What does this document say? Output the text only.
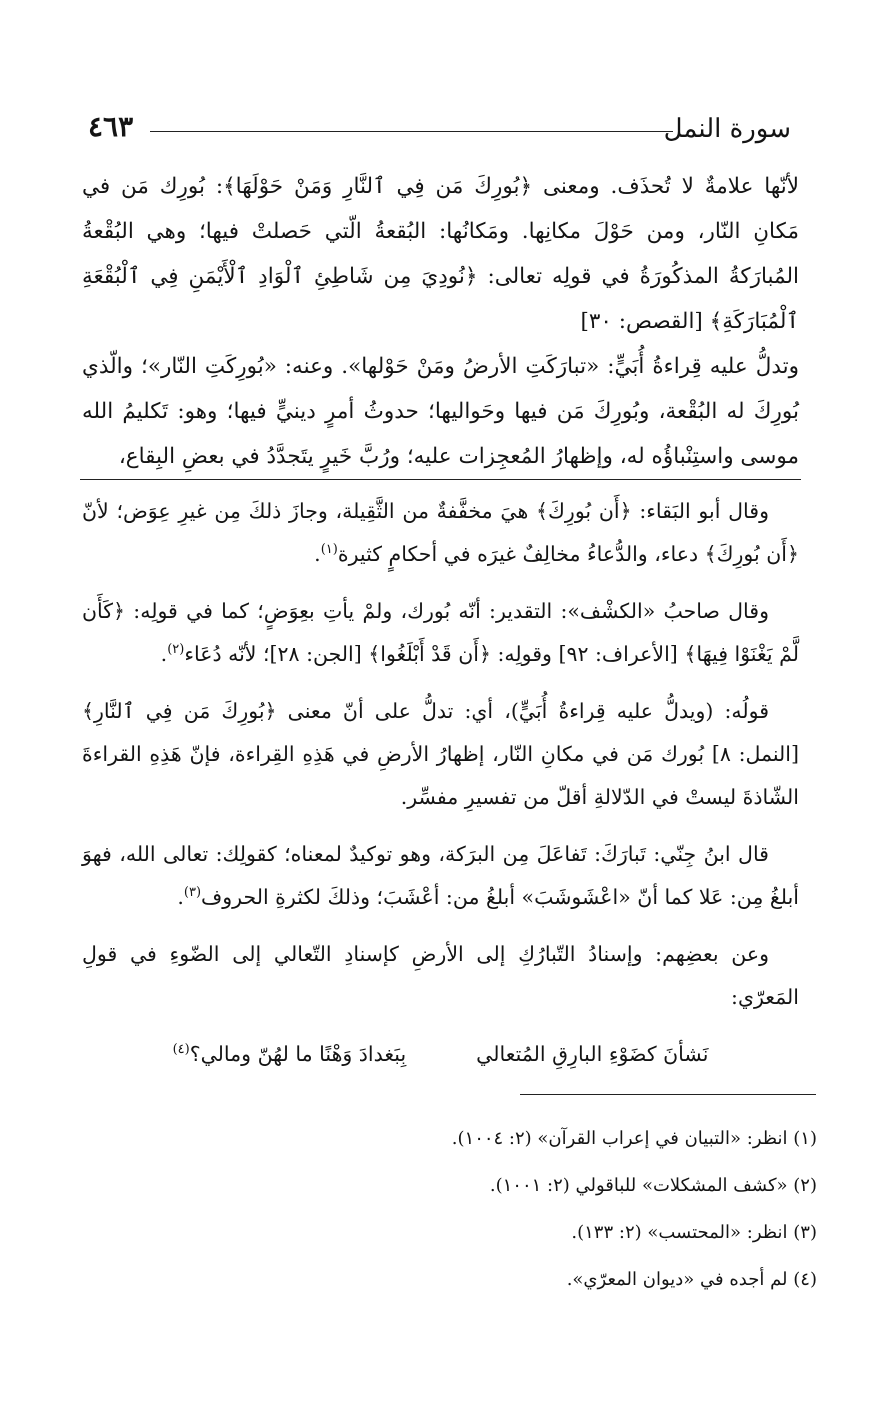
سورة النمل
٤٦٣

لأنّها علامةٌ لا تُحذَف. ومعنى ﴿بُورِكَ مَن فِي ٱلنَّارِ وَمَنْ حَوْلَهَا﴾: بُورِك مَن في مَكانِ النّار، ومن حَوْلَ مكانِها. ومَكانُها: البُقعةُ الّتي حَصلتْ فيها؛ وهي البُقْعةُ المُبارَكةُ المذكُورَةُ في قولِه تعالى: ﴿نُودِيَ مِن شَاطِئِ ٱلْوَادِ ٱلْأَيْمَنِ فِي ٱلْبُقْعَةِ ٱلْمُبَارَكَةِ﴾ [القصص: ٣٠]

وتدلُّ عليه قِراءةُ أُبَيٍّ: «تبارَكَتِ الأرضُ ومَنْ حَوْلها». وعنه: «بُورِكَتِ النّار»؛ والّذي بُورِكَ له البُقْعة، وبُورِكَ مَن فيها وحَواليها؛ حدوثُ أمرٍ دينيٍّ فيها؛ وهو: تَكليمُ الله موسى واستِنْباؤُه له، وإظهارُ المُعجِزات عليه؛ ورُبَّ خَيرٍ يتَجدَّدُ في بعضِ البِقاع،

وقال أبو البَقاء: ﴿أَن بُورِكَ﴾ هيَ مخفَّفةٌ من الثَّقِيلة، وجازَ ذلكَ مِن غيرِ عِوَض؛ لأنّ ﴿أَن بُورِكَ﴾ دعاء، والدُّعاءُ مخالِفٌ غيرَه في أحكامٍ كثيرة$^{(١)}$.

وقال صاحبُ «الكشْف»: التقدير: أنّه بُورك، ولمْ يأتِ بعِوَضٍ؛ كما في قولِه: ﴿كَأَن لَّمْ يَغْنَوْا فِيهَا﴾ [الأعراف: ٩٢] وقولِه: ﴿أَن قَدْ أَبْلَغُوا﴾ [الجن: ٢٨]؛ لأنّه دُعَاء$^{(٢)}$.

قولُه: (ويدلُّ عليه قِراءةُ أُبَيٍّ)، أي: تدلُّ على أنّ معنى ﴿بُورِكَ مَن فِي ٱلنَّارِ﴾ [النمل: ٨] بُورك مَن في مكانِ النّار، إظهارُ الأرضِ في هَذِهِ القِراءة، فإنّ هَذِهِ القراءةَ الشّاذةَ ليستْ في الدّلالةِ أقلّ من تفسيرِ مفسِّر.

قال ابنُ جِنّي: تَبارَكَ: تَفاعَلَ مِن البرَكة، وهو توكيدٌ لمعناه؛ كقولِك: تعالى الله، فهوَ أبلغُ مِن: عَلا كما أنّ «اعْشَوشَبَ» أبلغُ من: أعْشَبَ؛ وذلكَ لكثرةِ الحروف$^{(٣)}$.

وعن بعضِهم: وإسنادُ التّبارُكِ إلى الأرضِ كإسنادِ التّعالي إلى الضّوءِ في قولِ المَعرّي:

نَشأنَ كضَوْءِ البارِقِ المُتعالي
بِبَغدادَ وَهْنًا ما لهُنّ ومالي؟$^{(٤)}$

(١) انظر: «التبيان في إعراب القرآن» (٢: ١٠٠٤).
(٢) «كشف المشكلات» للباقولي (٢: ١٠٠١).
(٣) انظر: «المحتسب» (٢: ١٣٣).
(٤) لم أجده في «ديوان المعرّي».
